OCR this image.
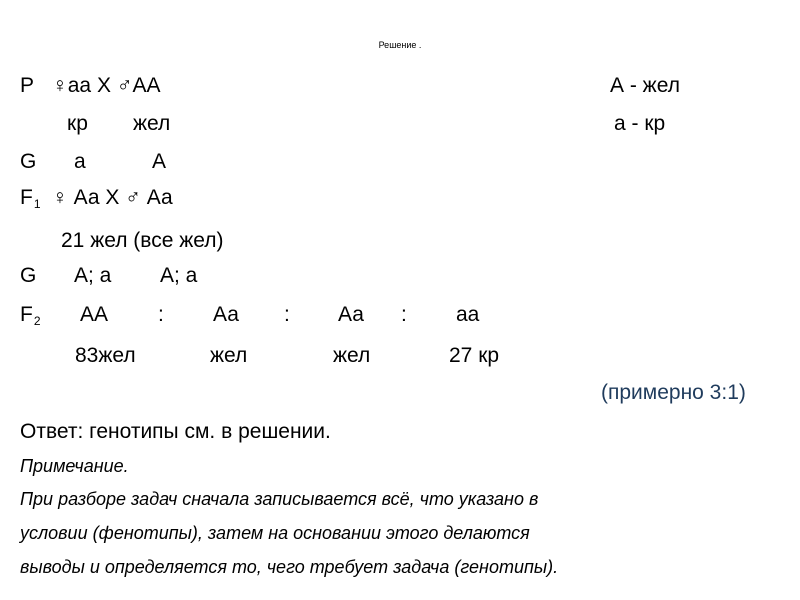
Решение .
P ♀аа Х ♂АА	А - жел
кр жел	а - кр
G а	А
$F_1$ ♀ Аа Х ♂ Аа
21 жел (все жел)
G А; а А; а
$F_2$ АА : Аа : Аа : аа
83жел	жел	жел	27 кр
(примерно 3:1)
Ответ: генотипы см. в решении.
Примечание.
При разборе задач сначала записывается всё, что указано в
условии (фенотипы), затем на основании этого делаются
выводы и определяется то, чего требует задача (генотипы).
